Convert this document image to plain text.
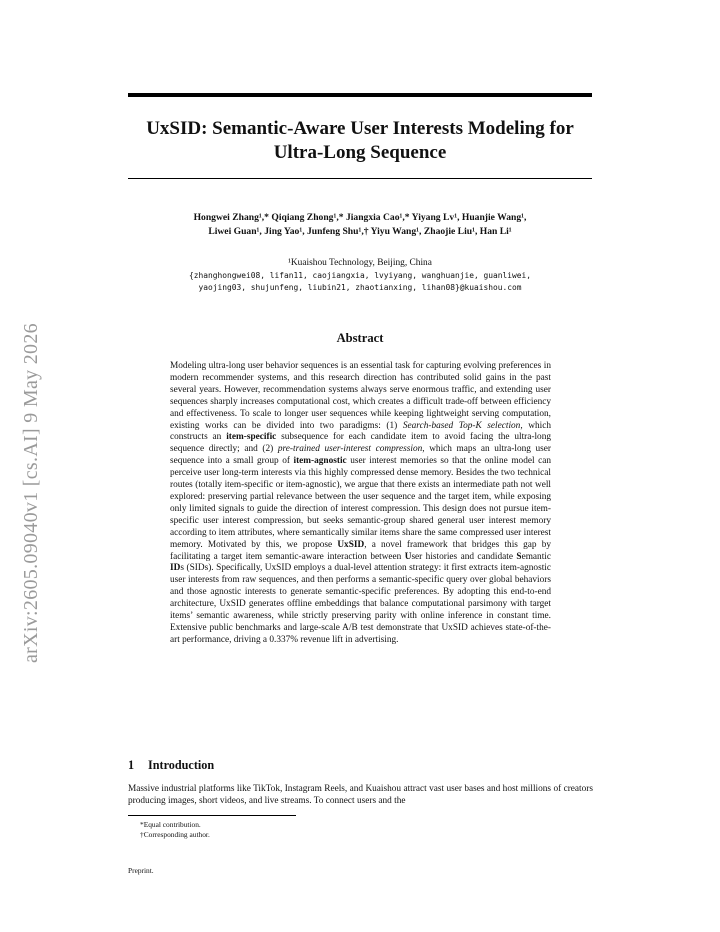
arXiv:2605.09040v1 [cs.AI] 9 May 2026
UxSID: Semantic-Aware User Interests Modeling for Ultra-Long Sequence
Hongwei Zhang¹,* Qiqiang Zhong¹,* Jiangxia Cao¹,* Yiyang Lv¹, Huanjie Wang¹,
Liwei Guan¹, Jing Yao¹, Junfeng Shu¹,† Yiyu Wang¹, Zhaojie Liu¹, Han Li¹
¹Kuaishou Technology, Beijing, China
{zhanghongwei08, lifan11, caojiangxia, lvyiyang, wanghuanjie, guanliwei,
yaojing03, shujunfeng, liubin21, zhaotianxing, lihan08}@kuaishou.com
Abstract

Modeling ultra-long user behavior sequences is an essential task for capturing evolving preferences in modern recommender systems, and this research direction has contributed solid gains in the past several years. However, recommendation systems always serve enormous traffic, and extending user sequences sharply increases computational cost, which creates a difficult trade-off between efficiency and effectiveness. To scale to longer user sequences while keeping lightweight serving computation, existing works can be divided into two paradigms: (1) Search-based Top-K selection, which constructs an item-specific subsequence for each candidate item to avoid facing the ultra-long sequence directly; and (2) pre-trained user-interest compression, which maps an ultra-long user sequence into a small group of item-agnostic user interest memories so that the online model can perceive user long-term interests via this highly compressed dense memory. Besides the two technical routes (totally item-specific or item-agnostic), we argue that there exists an intermediate path not well explored: preserving partial relevance between the user sequence and the target item, while exposing only limited signals to guide the direction of interest compression. This design does not pursue item-specific user interest compression, but seeks semantic-group shared general user interest memory according to item attributes, where semantically similar items share the same compressed user interest memory. Motivated by this, we propose UxSID, a novel framework that bridges this gap by facilitating a target item semantic-aware interaction between User histories and candidate Semantic IDs (SIDs). Specifically, UxSID employs a dual-level attention strategy: it first extracts item-agnostic user interests from raw sequences, and then performs a semantic-specific query over global behaviors and those agnostic interests to generate semantic-specific preferences. By adopting this end-to-end architecture, UxSID generates offline embeddings that balance computational parsimony with target items’ semantic awareness, while strictly preserving parity with online inference in constant time. Extensive public benchmarks and large-scale A/B test demonstrate that UxSID achieves state-of-the-art performance, driving a 0.337% revenue lift in advertising.

1 Introduction

Massive industrial platforms like TikTok, Instagram Reels, and Kuaishou attract vast user bases and host millions of creators producing images, short videos, and live streams. To connect users and the

*Equal contribution.
†Corresponding author.
Preprint.
